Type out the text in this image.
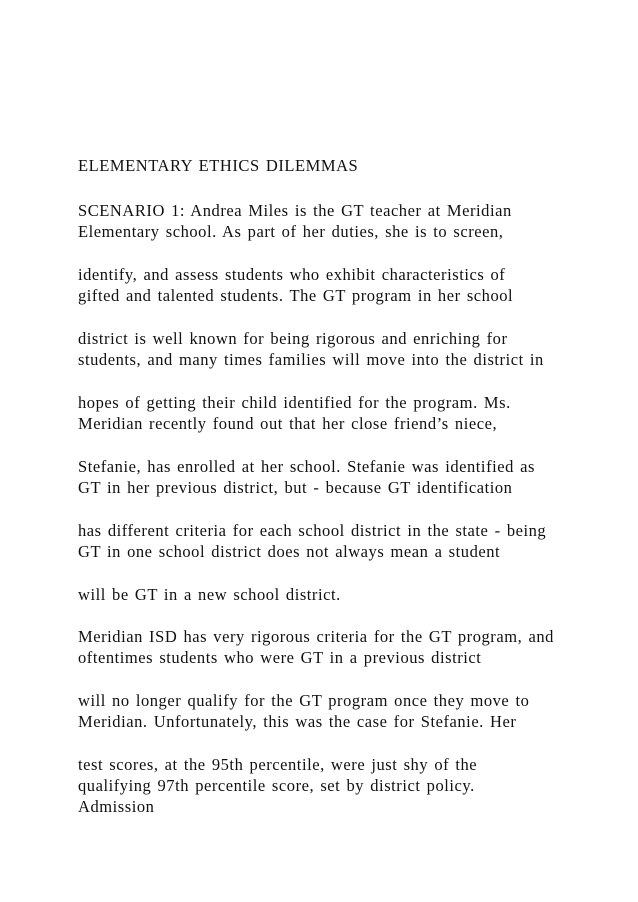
ELEMENTARY ETHICS DILEMMAS

SCENARIO 1: Andrea Miles is the GT teacher at Meridian

Elementary school. As part of her duties, she is to screen,

identify, and assess students who exhibit characteristics of

gifted and talented students. The GT program in her school

district is well known for being rigorous and enriching for

students, and many times families will move into the district in

hopes of getting their child identified for the program. Ms.

Meridian recently found out that her close friend’s niece,

Stefanie, has enrolled at her school. Stefanie was identified as

GT in her previous district, but - because GT identification

has different criteria for each school district in the state - being

GT in one school district does not always mean a student

will be GT in a new school district.

Meridian ISD has very rigorous criteria for the GT program, and

oftentimes students who were GT in a previous district

will no longer qualify for the GT program once they move to

Meridian. Unfortunately, this was the case for Stefanie. Her

test scores, at the 95th percentile, were just shy of the

qualifying 97th percentile score, set by district policy.

Admission
